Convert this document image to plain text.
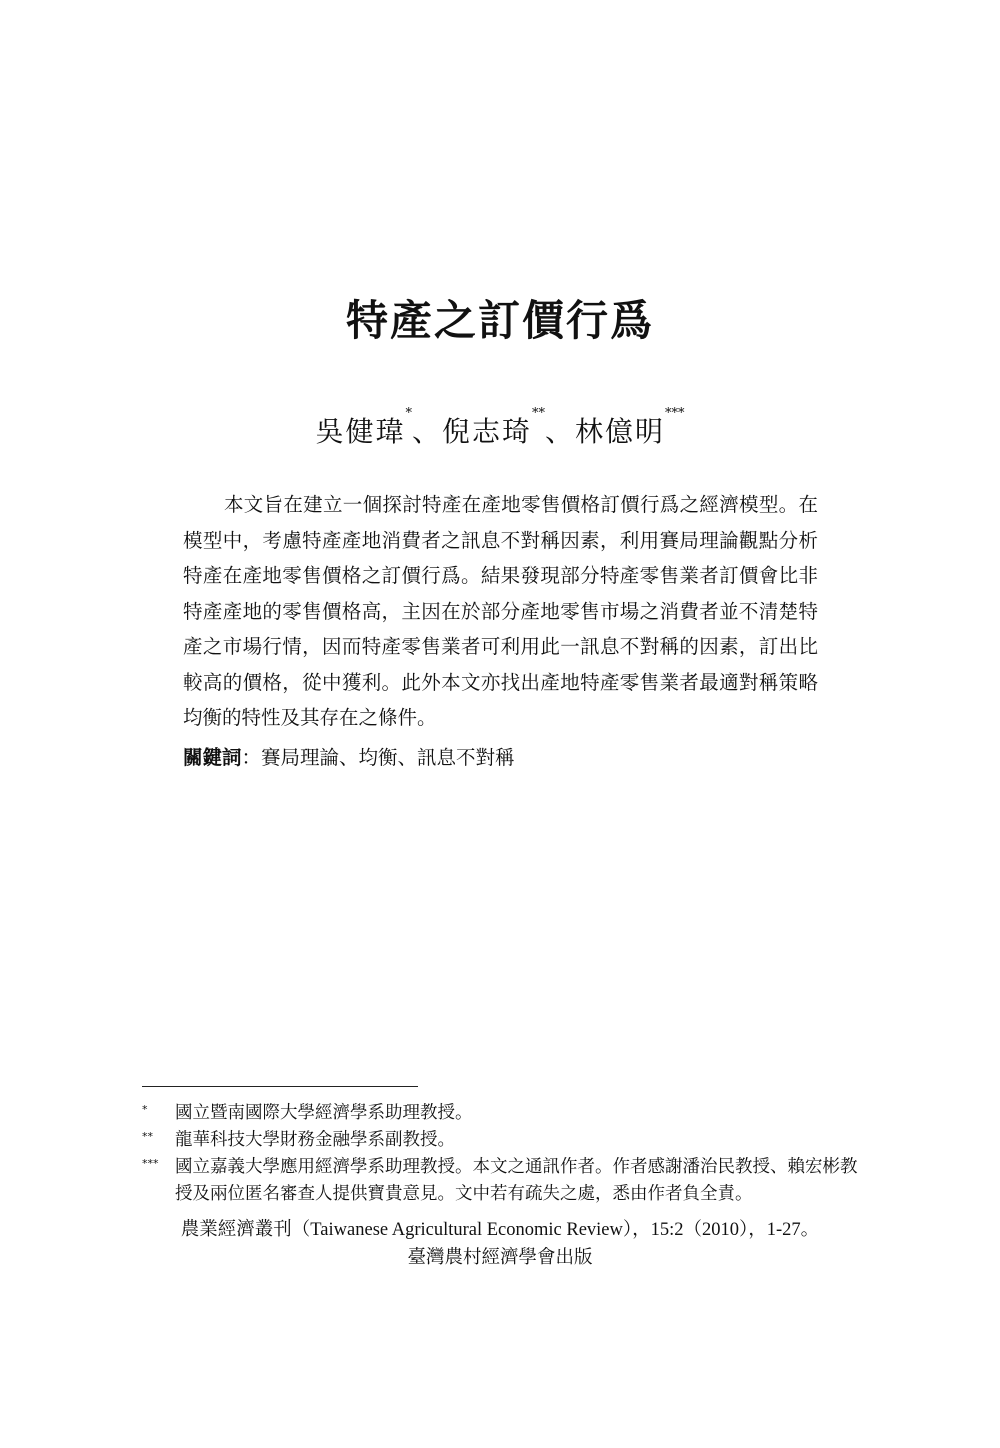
特產之訂價行爲
吳健瑋*、倪志琦**、林億明***

本文旨在建立一個探討特產在產地零售價格訂價行爲之經濟模型。在模型中，考慮特產產地消費者之訊息不對稱因素，利用賽局理論觀點分析特產在產地零售價格之訂價行爲。結果發現部分特產零售業者訂價會比非特產產地的零售價格高，主因在於部分產地零售市場之消費者並不清楚特產之市場行情，因而特產零售業者可利用此一訊息不對稱的因素，訂出比較高的價格，從中獲利。此外本文亦找出產地特產零售業者最適對稱策略均衡的特性及其存在之條件。

關鍵詞：賽局理論、均衡、訊息不對稱
* 國立暨南國際大學經濟學系助理教授。
** 龍華科技大學財務金融學系副教授。
*** 國立嘉義大學應用經濟學系助理教授。本文之通訊作者。作者感謝潘治民教授、賴宏彬教授及兩位匿名審查人提供寶貴意見。文中若有疏失之處，悉由作者負全責。
農業經濟叢刊（Taiwanese Agricultural Economic Review），15:2（2010），1-27。
臺灣農村經濟學會出版
